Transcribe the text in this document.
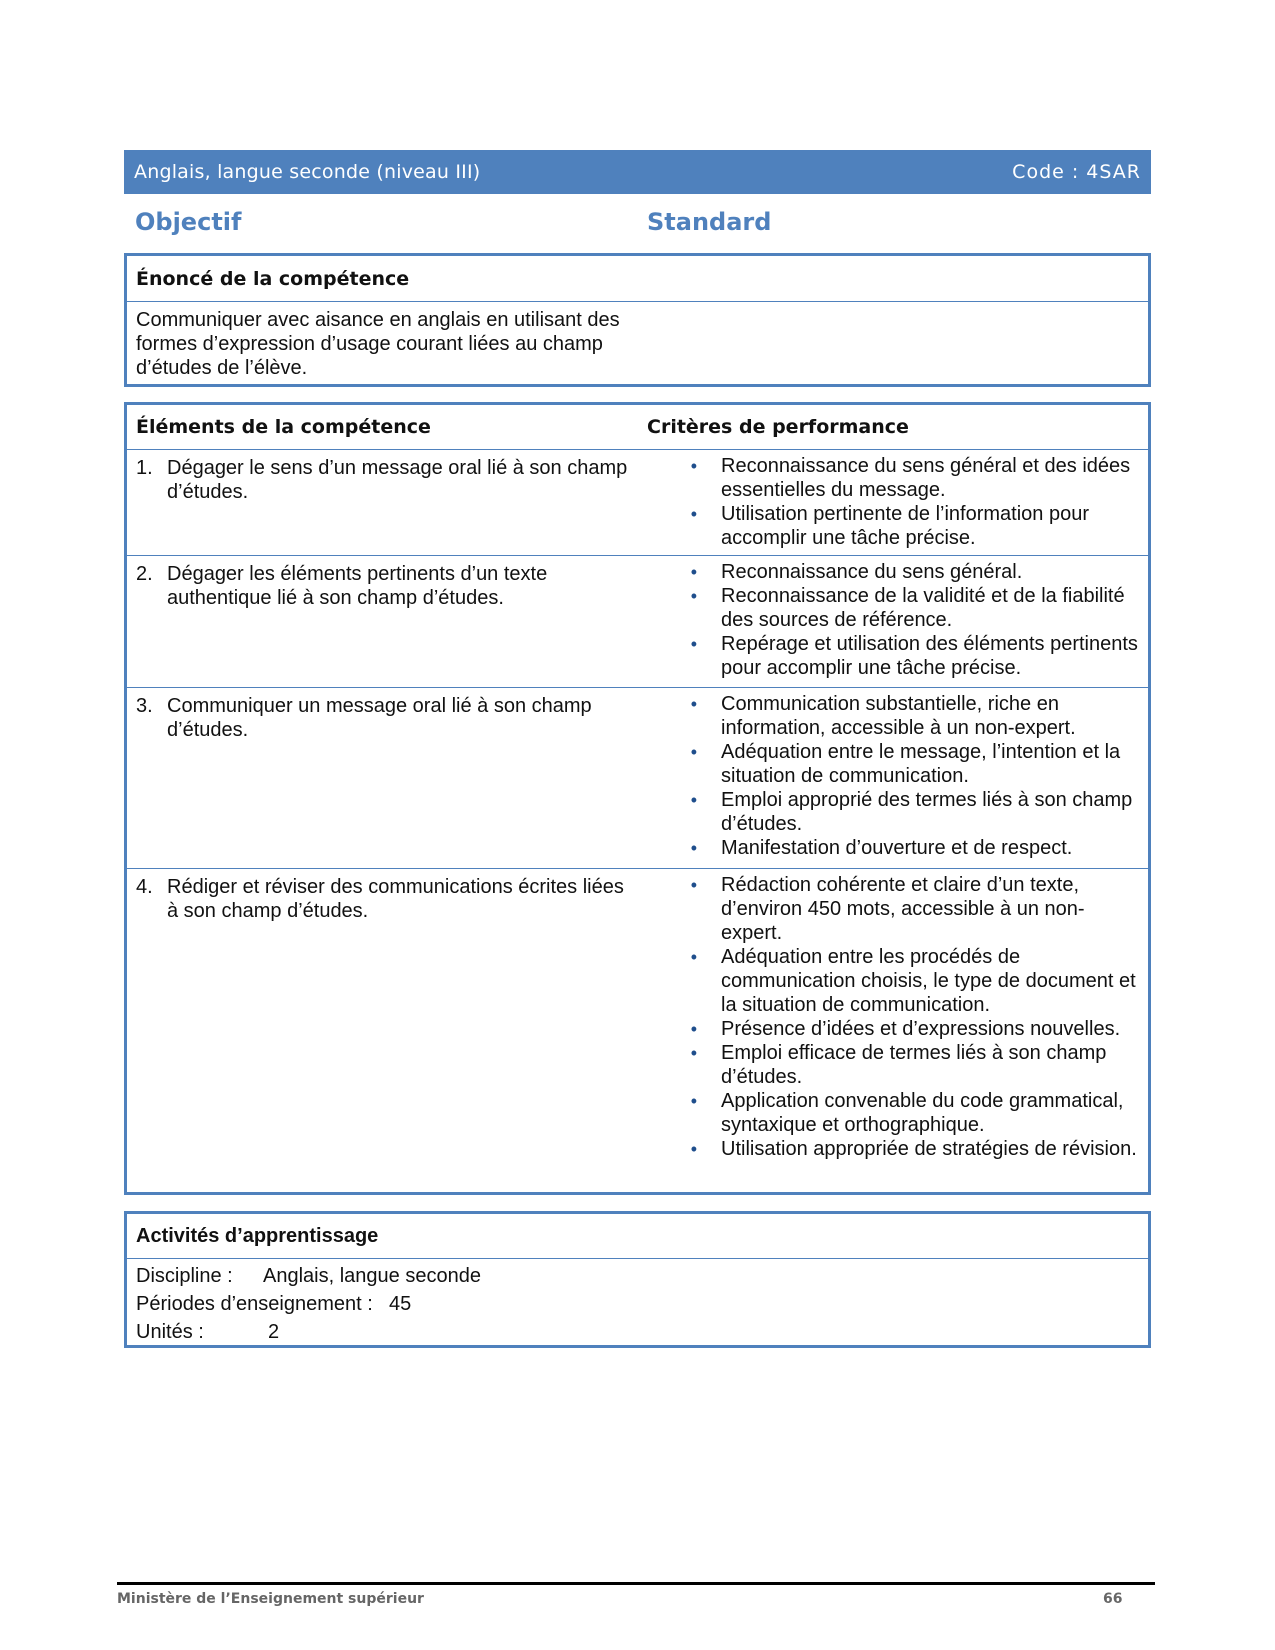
Anglais, langue seconde (niveau III)	Code : 4SAR
Objectif	Standard
Énoncé de la compétence
Communiquer avec aisance en anglais en utilisant des formes d’expression d’usage courant liées au champ d’études de l’élève.
Éléments de la compétence	Critères de performance
1. Dégager le sens d’un message oral lié à son champ d’études.
•	Reconnaissance du sens général et des idées essentielles du message.
•	Utilisation pertinente de l’information pour accomplir une tâche précise.
2. Dégager les éléments pertinents d’un texte authentique lié à son champ d’études.
•	Reconnaissance du sens général.
•	Reconnaissance de la validité et de la fiabilité des sources de référence.
•	Repérage et utilisation des éléments pertinents pour accomplir une tâche précise.
3. Communiquer un message oral lié à son champ d’études.
•	Communication substantielle, riche en information, accessible à un non-expert.
•	Adéquation entre le message, l’intention et la situation de communication.
•	Emploi approprié des termes liés à son champ d’études.
•	Manifestation d’ouverture et de respect.
4. Rédiger et réviser des communications écrites liées à son champ d’études.
•	Rédaction cohérente et claire d’un texte, d’environ 450 mots, accessible à un non-expert.
•	Adéquation entre les procédés de communication choisis, le type de document et la situation de communication.
•	Présence d’idées et d’expressions nouvelles.
•	Emploi efficace de termes liés à son champ d’études.
•	Application convenable du code grammatical, syntaxique et orthographique.
•	Utilisation appropriée de stratégies de révision.
Activités d’apprentissage
Discipline : Anglais, langue seconde
Périodes d’enseignement : 45
Unités :	2
Ministère de l’Enseignement supérieur	66
